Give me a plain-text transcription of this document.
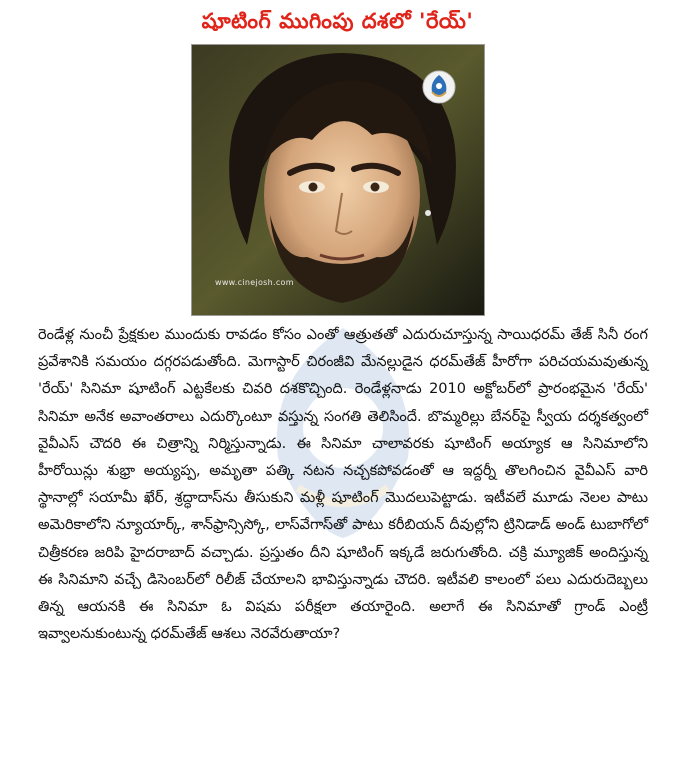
షూటింగ్ ముగింపు దశలో 'రేయ్'
www.cinejosh.com
రెండేళ్ల నుంచీ ప్రేక్షకుల ముందుకు రావడం కోసం ఎంతో ఆత్రుతతో ఎదురుచూస్తున్న సాయిధరమ్ తేజ్ సినీ రంగ ప్రవేశానికి సమయం దగ్గరపడుతోంది. మెగాస్టార్ చిరంజీవి మేనల్లుడైన ధరమ్‌తేజ్ హీరోగా పరిచయమవుతున్న 'రేయ్' సినిమా షూటింగ్ ఎట్టకేలకు చివరి దశకొచ్చింది. రెండేళ్లనాడు 2010 అక్టోబర్‌లో ప్రారంభమైన 'రేయ్' సినిమా అనేక అవాంతరాలు ఎదుర్కొంటూ వస్తున్న సంగతి తెలిసిందే. బొమ్మరిల్లు బేనర్‌పై స్వీయ దర్శకత్వంలో వైవీఎస్ చౌదరి ఈ చిత్రాన్ని నిర్మిస్తున్నాడు. ఈ సినిమా చాలావరకు షూటింగ్ అయ్యాక ఆ సినిమాలోని హీరోయిన్లు శుభ్రా అయ్యప్ప, అమృతా పత్కి నటన నచ్చకపోవడంతో ఆ ఇద్దర్నీ తొలగించిన వైవీఎస్ వారి స్థానాల్లో సయామీ ఖేర్, శ్రద్ధాదాస్‌ను తీసుకుని మళ్లీ షూటింగ్ మొదలుపెట్టాడు. ఇటీవలే మూడు నెలల పాటు అమెరికాలోని న్యూయార్క్, శాన్‌ఫ్రాన్సిస్కో, లాస్‌వేగాస్‌తో పాటు కరీబియన్ దీవుల్లోని ట్రినిడాడ్ అండ్ టుబాగోలో చిత్రీకరణ జరిపి హైదరాబాద్ వచ్చాడు. ప్రస్తుతం దీని షూటింగ్ ఇక్కడే జరుగుతోంది. చక్రి మ్యూజిక్ అందిస్తున్న ఈ సినిమాని వచ్చే డిసెంబర్‌లో రిలీజ్ చేయాలని భావిస్తున్నాడు చౌదరి. ఇటీవలి కాలంలో పలు ఎదురుదెబ్బలు తిన్న ఆయనకి ఈ సినిమా ఓ విషమ పరీక్షలా తయారైంది. అలాగే ఈ సినిమాతో గ్రాండ్ ఎంట్రీ ఇవ్వాలనుకుంటున్న ధరమ్‌తేజ్ ఆశలు నెరవేరుతాయా?
